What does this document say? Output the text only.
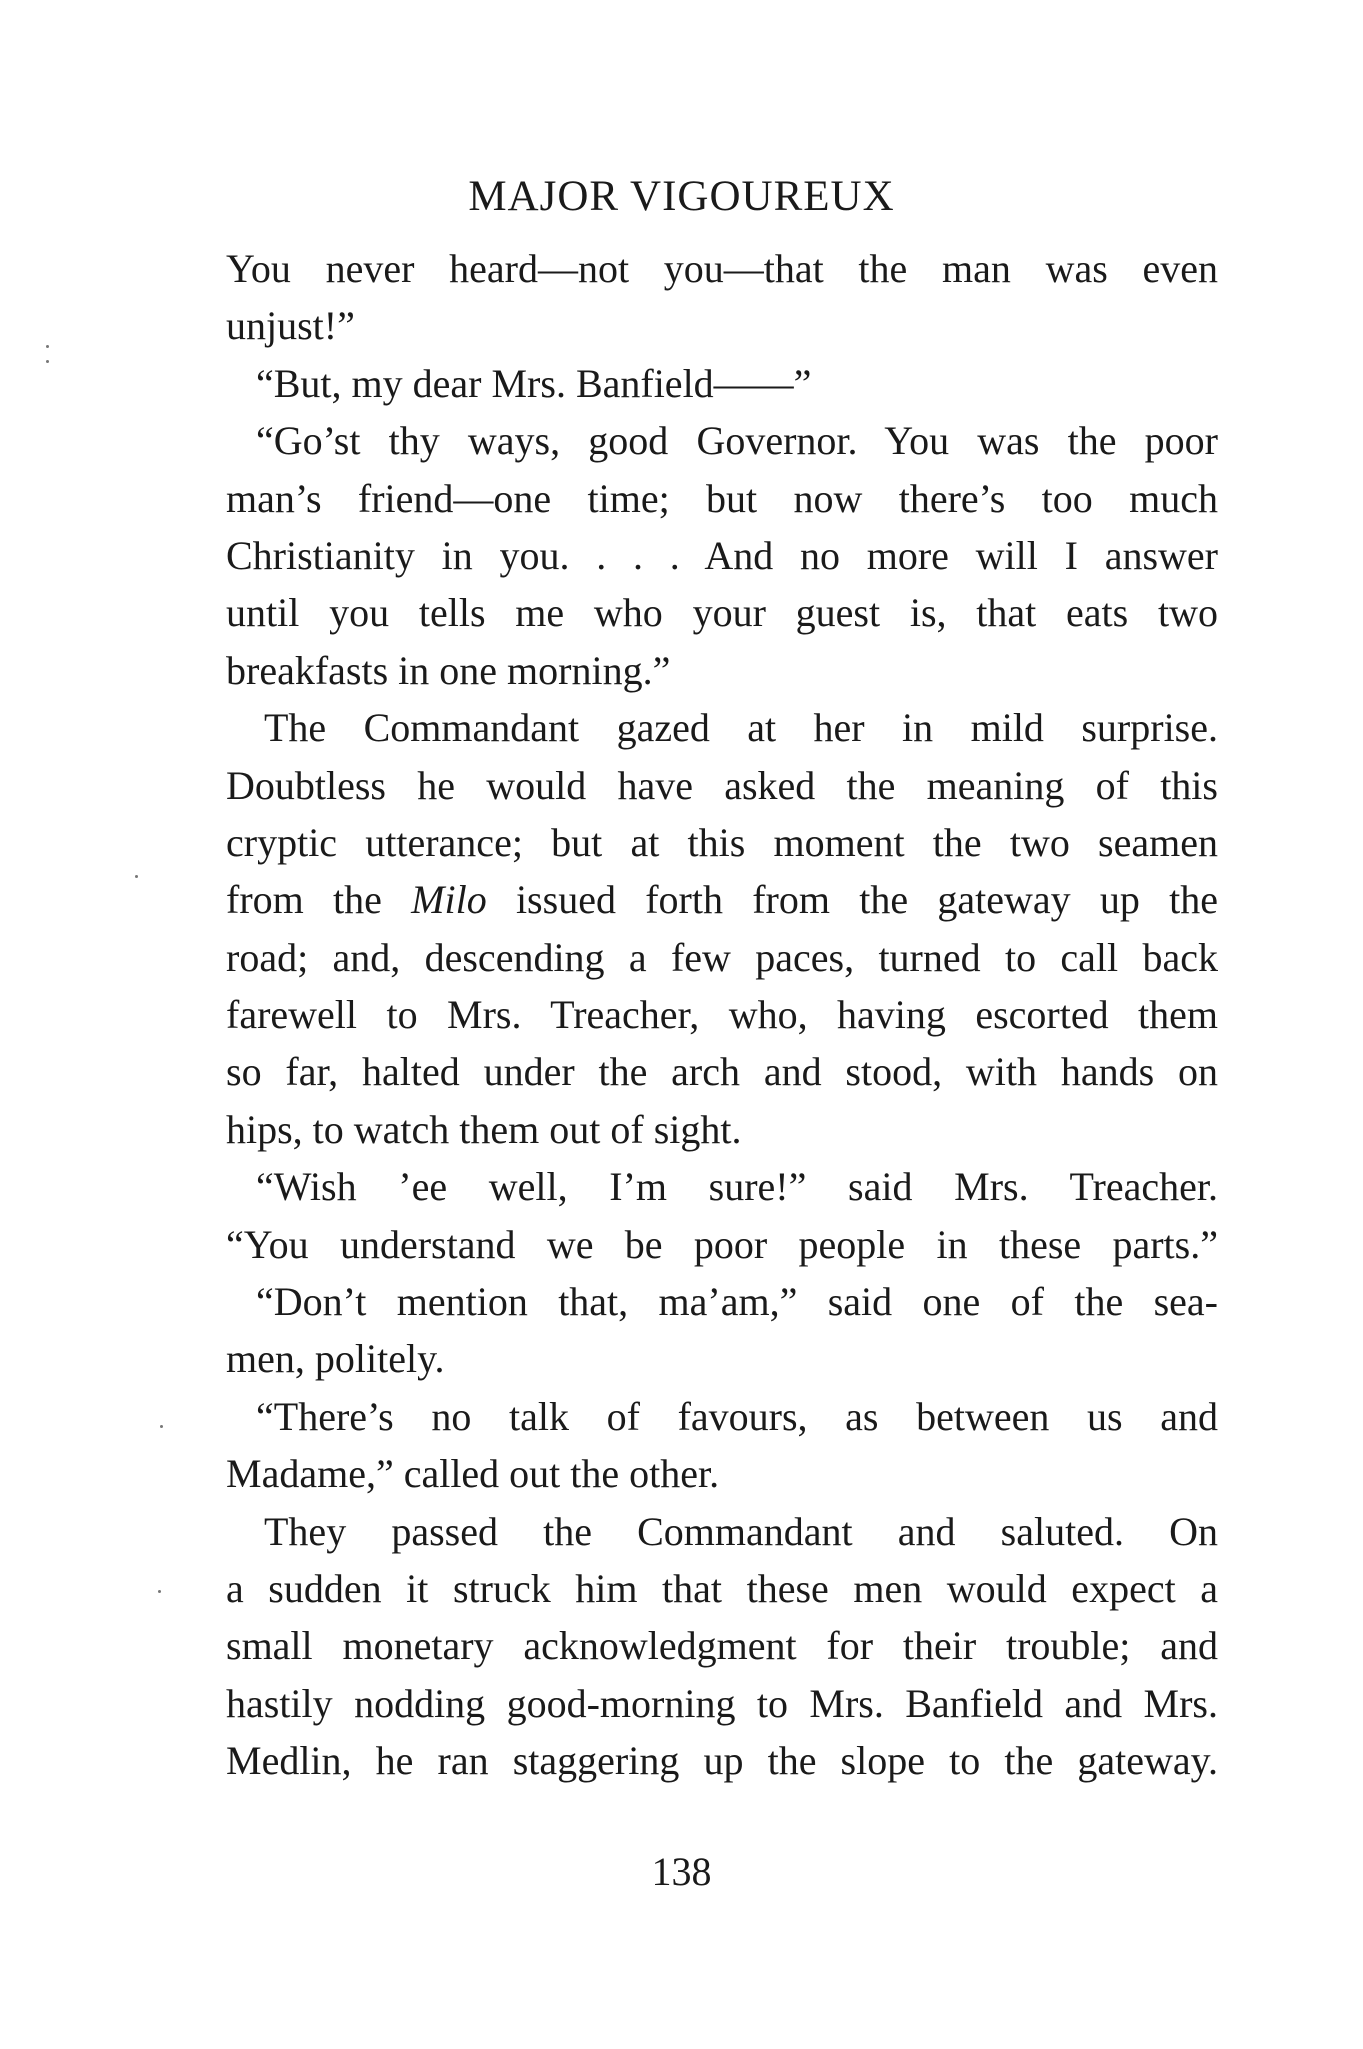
MAJOR VIGOUREUX
You never heard—not you—that the man was even
unjust!”
“But, my dear Mrs. Banfield——”
“Go’st thy ways, good Governor. You was the poor
man’s friend—one time; but now there’s too much
Christianity in you. . . . And no more will I answer
until you tells me who your guest is, that eats two
breakfasts in one morning.”
The Commandant gazed at her in mild surprise.
Doubtless he would have asked the meaning of this
cryptic utterance; but at this moment the two seamen
from the Milo issued forth from the gateway up the
road; and, descending a few paces, turned to call back
farewell to Mrs. Treacher, who, having escorted them
so far, halted under the arch and stood, with hands on
hips, to watch them out of sight.
“Wish ’ee well, I’m sure!” said Mrs. Treacher.
“You understand we be poor people in these parts.”
“Don’t mention that, ma’am,” said one of the sea-
men, politely.
“There’s no talk of favours, as between us and
Madame,” called out the other.
They passed the Commandant and saluted. On
a sudden it struck him that these men would expect a
small monetary acknowledgment for their trouble; and
hastily nodding good-morning to Mrs. Banfield and Mrs.
Medlin, he ran staggering up the slope to the gateway.
138
